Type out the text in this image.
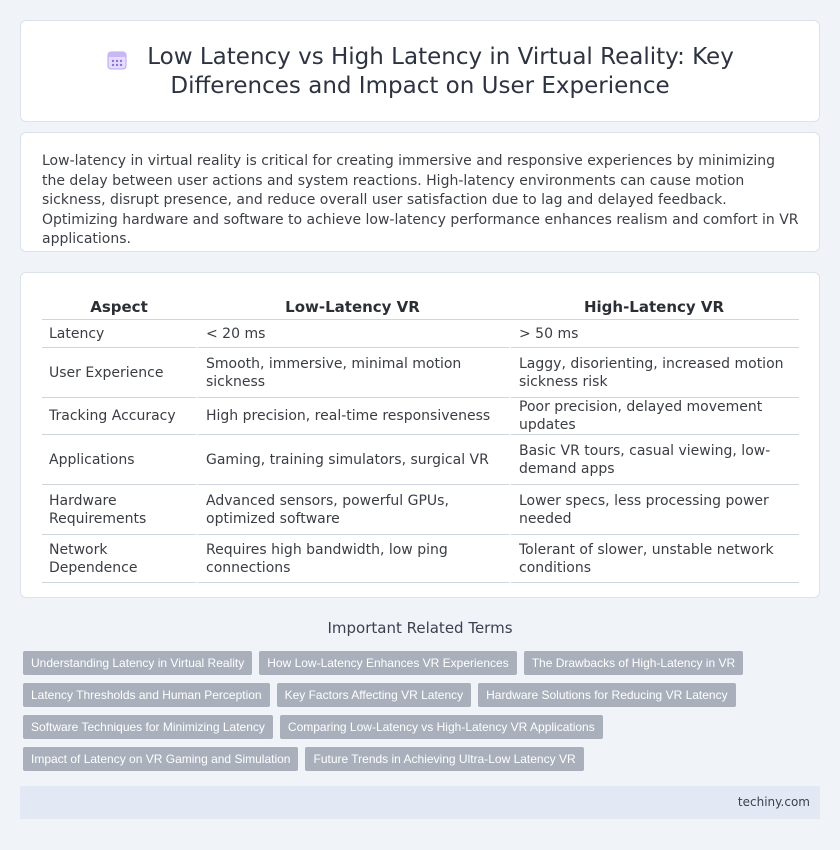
Low Latency vs High Latency in Virtual Reality: Key Differences and Impact on User Experience

Low-latency in virtual reality is critical for creating immersive and responsive experiences by minimizing the delay between user actions and system reactions. High-latency environments can cause motion sickness, disrupt presence, and reduce overall user satisfaction due to lag and delayed feedback. Optimizing hardware and software to achieve low-latency performance enhances realism and comfort in VR applications.

Aspect	Low-Latency VR	High-Latency VR
Latency	< 20 ms	> 50 ms
User Experience	Smooth, immersive, minimal motion sickness	Laggy, disorienting, increased motion sickness risk
Tracking Accuracy	High precision, real-time responsiveness	Poor precision, delayed movement updates
Applications	Gaming, training simulators, surgical VR	Basic VR tours, casual viewing, low-demand apps
Hardware Requirements	Advanced sensors, powerful GPUs, optimized software	Lower specs, less processing power needed
Network Dependence	Requires high bandwidth, low ping connections	Tolerant of slower, unstable network conditions
Important Related Terms
Understanding Latency in Virtual Reality	How Low-Latency Enhances VR Experiences	The Drawbacks of High-Latency in VR
Latency Thresholds and Human Perception	Key Factors Affecting VR Latency	Hardware Solutions for Reducing VR Latency
Software Techniques for Minimizing Latency	Comparing Low-Latency vs High-Latency VR Applications
Impact of Latency on VR Gaming and Simulation	Future Trends in Achieving Ultra-Low Latency VR
techiny.com
